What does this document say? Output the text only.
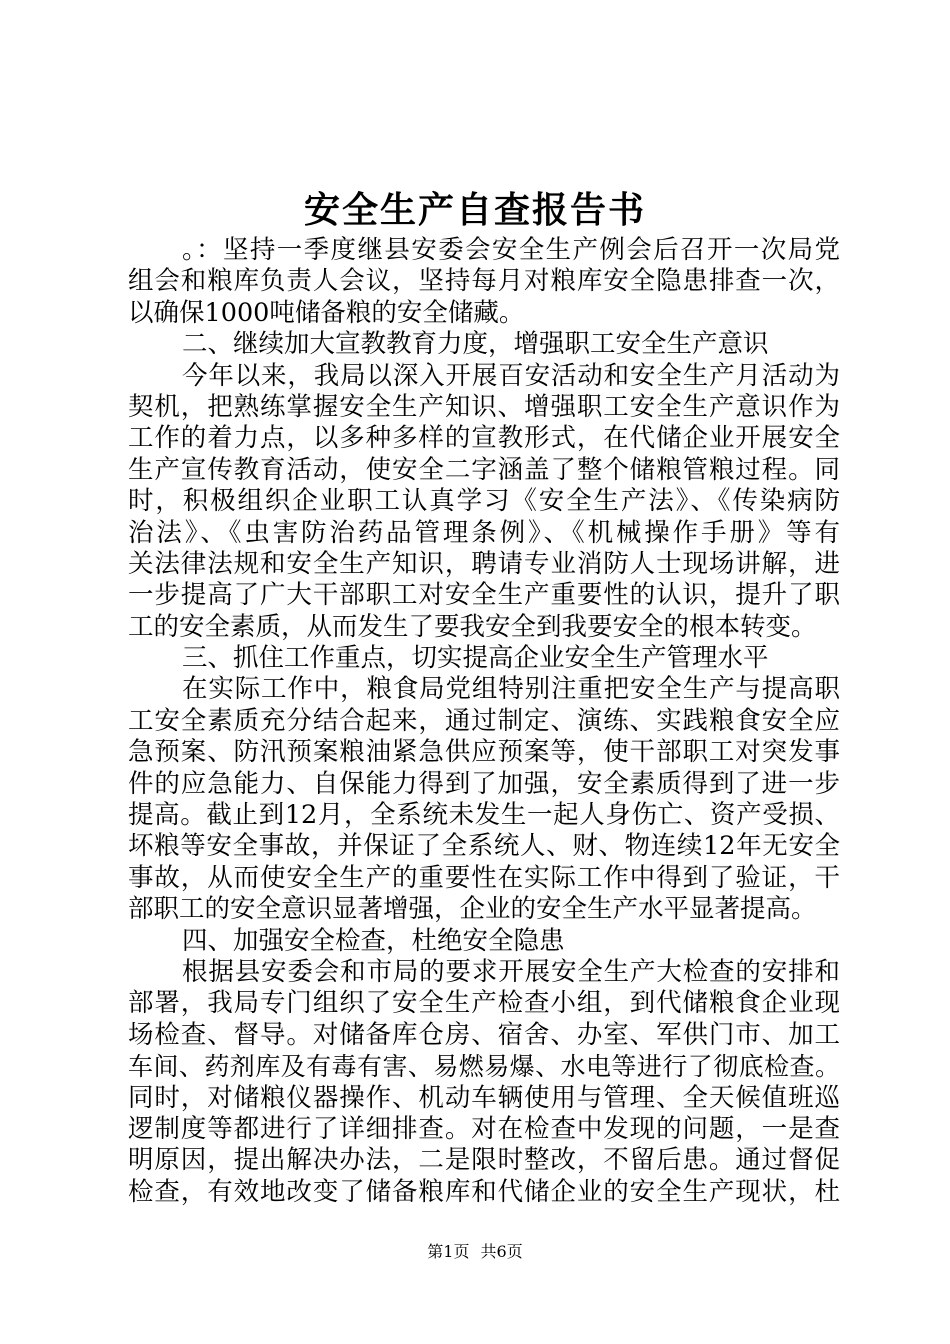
安全生产自查报告书
。：坚持一季度继县安委会安全生产例会后召开一次局党
组会和粮库负责人会议，坚持每月对粮库安全隐患排查一次，
以确保1000吨储备粮的安全储藏。
二、继续加大宣教教育力度，增强职工安全生产意识
今年以来，我局以深入开展百安活动和安全生产月活动为
契机，把熟练掌握安全生产知识、增强职工安全生产意识作为
工作的着力点，以多种多样的宣教形式，在代储企业开展安全
生产宣传教育活动，使安全二字涵盖了整个储粮管粮过程。同
时，积极组织企业职工认真学习《安全生产法》、《传染病防
治法》、《虫害防治药品管理条例》、《机械操作手册》等有
关法律法规和安全生产知识，聘请专业消防人士现场讲解，进
一步提高了广大干部职工对安全生产重要性的认识，提升了职
工的安全素质，从而发生了要我安全到我要安全的根本转变。
三、抓住工作重点，切实提高企业安全生产管理水平
在实际工作中，粮食局党组特别注重把安全生产与提高职
工安全素质充分结合起来，通过制定、演练、实践粮食安全应
急预案、防汛预案粮油紧急供应预案等，使干部职工对突发事
件的应急能力、自保能力得到了加强，安全素质得到了进一步
提高。截止到12月，全系统未发生一起人身伤亡、资产受损、
坏粮等安全事故，并保证了全系统人、财、物连续12年无安全
事故，从而使安全生产的重要性在实际工作中得到了验证，干
部职工的安全意识显著增强，企业的安全生产水平显著提高。
四、加强安全检查，杜绝安全隐患
根据县安委会和市局的要求开展安全生产大检查的安排和
部署，我局专门组织了安全生产检查小组，到代储粮食企业现
场检查、督导。对储备库仓房、宿舍、办室、军供门市、加工
车间、药剂库及有毒有害、易燃易爆、水电等进行了彻底检查。
同时，对储粮仪器操作、机动车辆使用与管理、全天候值班巡
逻制度等都进行了详细排查。对在检查中发现的问题，一是查
明原因，提出解决办法，二是限时整改，不留后患。通过督促
检查，有效地改变了储备粮库和代储企业的安全生产现状，杜
第1页 共6页
